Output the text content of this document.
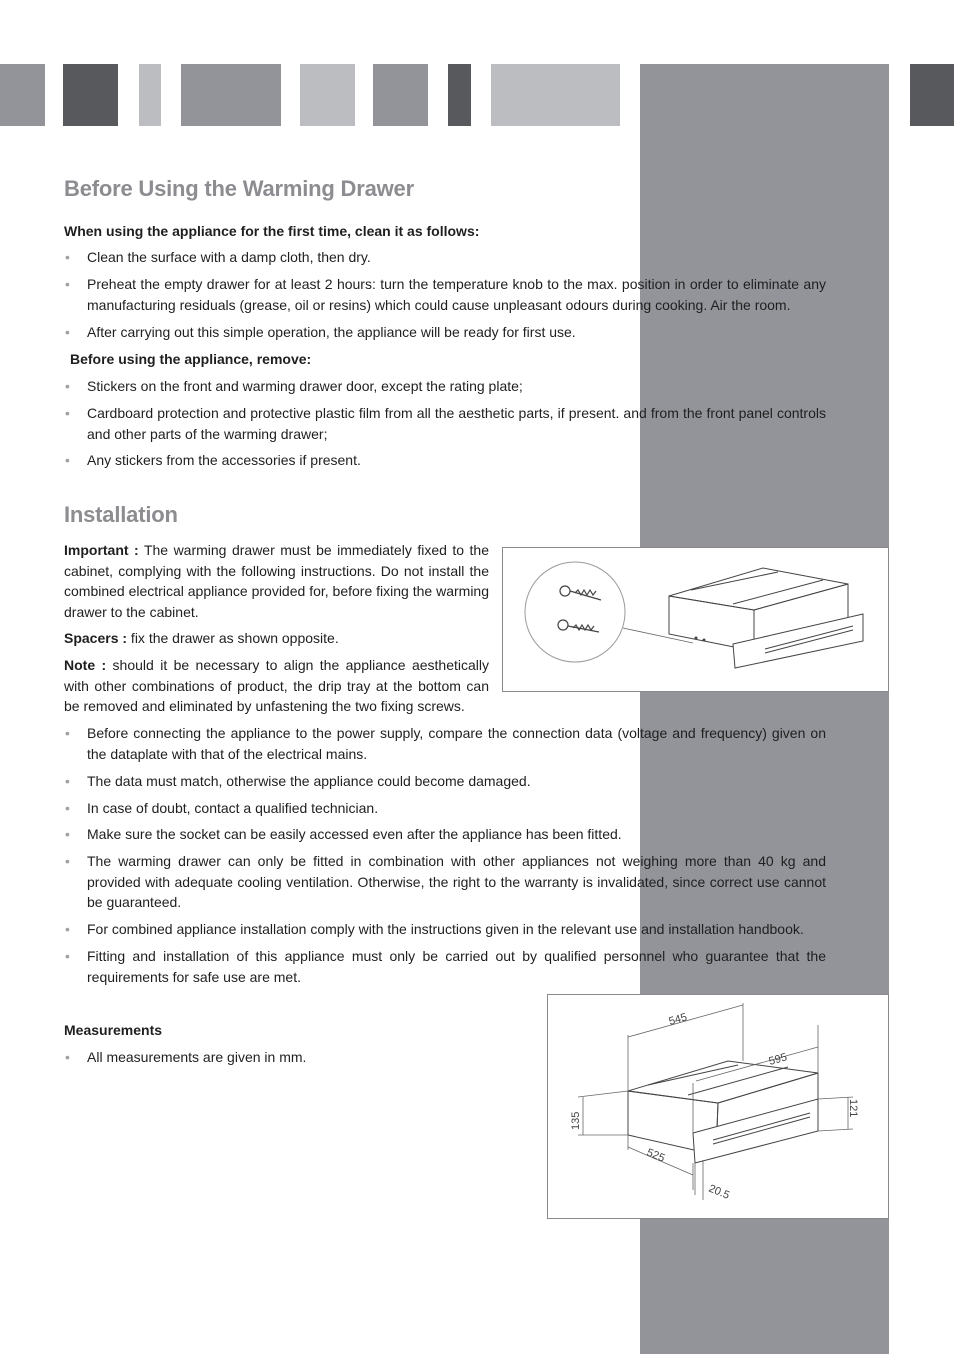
Before Using the Warming Drawer

When using the appliance for the first time, clean it as follows:

• Clean the surface with a damp cloth, then dry.

• Preheat the empty drawer for at least 2 hours: turn the temperature knob to the max. position in order to eliminate any manufacturing residuals (grease, oil or resins) which could cause unpleasant odours during cooking. Air the room.

• After carrying out this simple operation, the appliance will be ready for first use.

Before using the appliance, remove:

• Stickers on the front and warming drawer door, except the rating plate;

• Cardboard protection and protective plastic film from all the aesthetic parts, if present. and from the front panel controls and other parts of the warming drawer;

• Any stickers from the accessories if present.

Installation

Important : The warming drawer must be immediately fixed to the cabinet, complying with the following instructions. Do not install the combined electrical appliance provided for, before fixing the warming drawer to the cabinet.

Spacers : fix the drawer as shown opposite.

Note : should it be necessary to align the appliance aesthetically with other combinations of product, the drip tray at the bottom can be removed and eliminated by unfastening the two fixing screws.

• Before connecting the appliance to the power supply, compare the connection data (voltage and frequency) given on the dataplate with that of the electrical mains.

• The data must match, otherwise the appliance could become damaged.

• In case of doubt, contact a qualified technician.

• Make sure the socket can be easily accessed even after the appliance has been fitted.

• The warming drawer can only be fitted in combination with other appliances not weighing more than 40 kg and provided with adequate cooling ventilation. Otherwise, the right to the warranty is invalidated, since correct use cannot be guaranteed.

• For combined appliance installation comply with the instructions given in the relevant use and installation handbook.

• Fitting and installation of this appliance must only be carried out by qualified personnel who guarantee that the requirements for safe use are met.

Measurements

• All measurements are given in mm.

545
595
135
121
525
20.5
